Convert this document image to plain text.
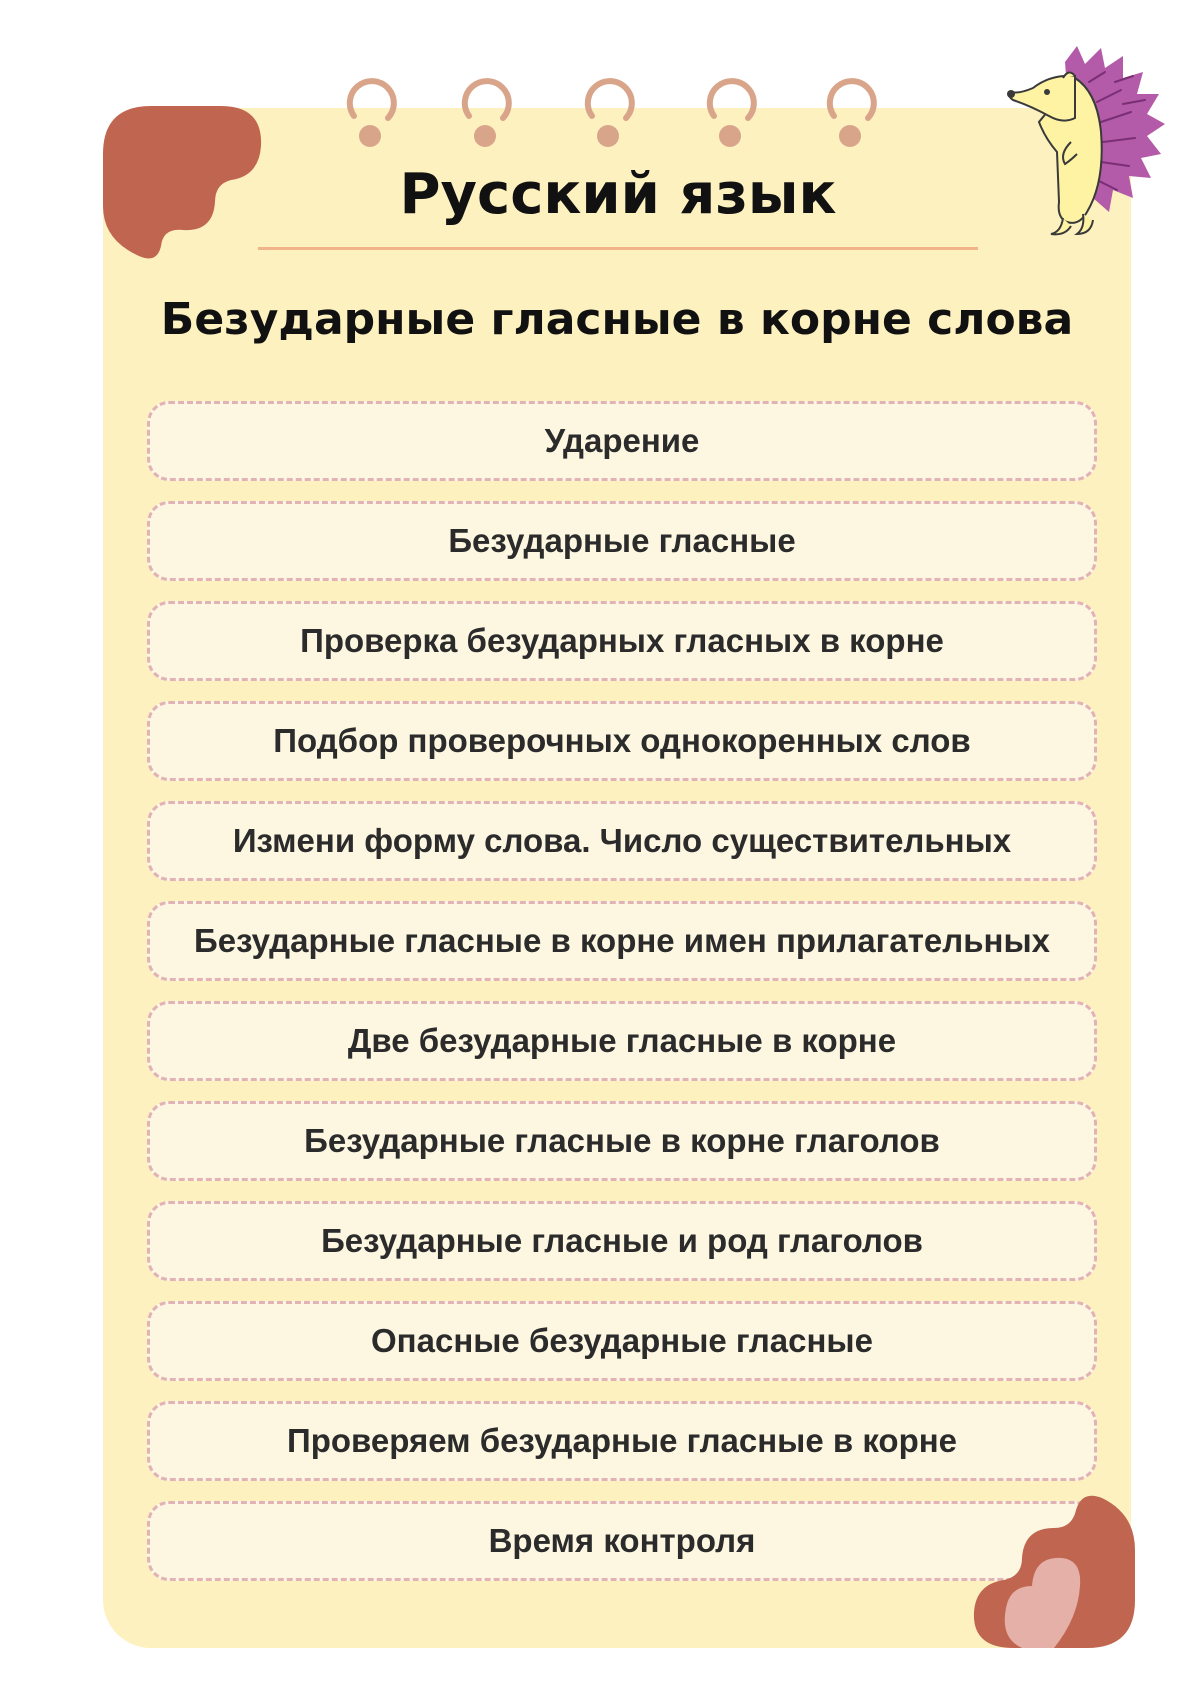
Русский язык
Безударные гласные в корне слова
Ударение
Безударные гласные
Проверка безударных гласных в корне
Подбор проверочных однокоренных слов
Измени форму слова. Число существительных
Безударные гласные в корне имен прилагательных
Две безударные гласные в корне
Безударные гласные в корне глаголов
Безударные гласные и род глаголов
Опасные безударные гласные
Проверяем безударные гласные в корне
Время контроля
